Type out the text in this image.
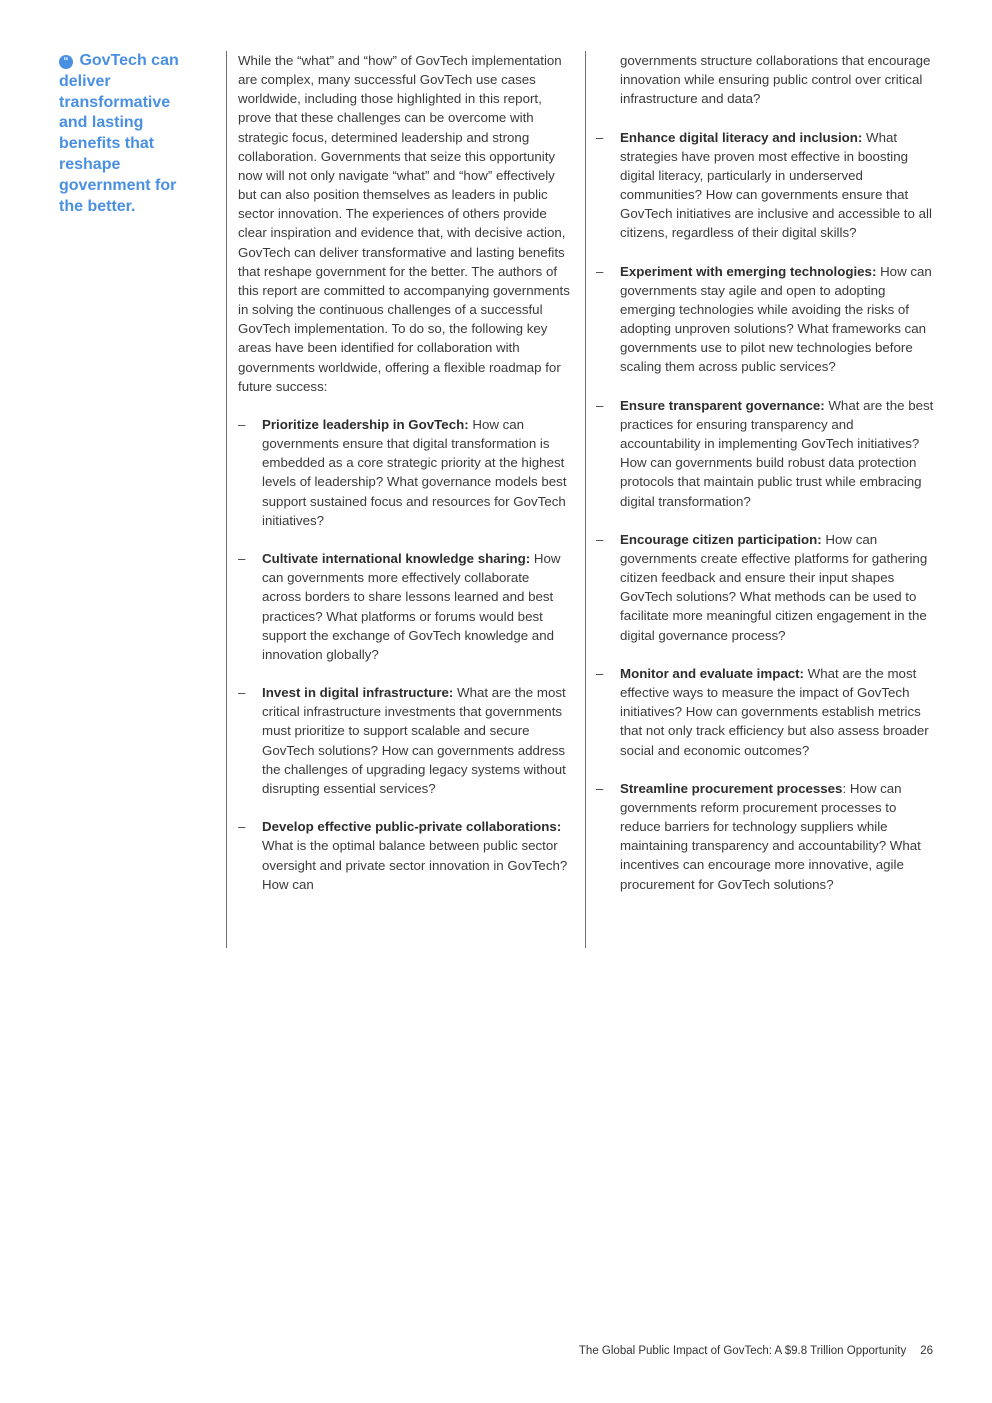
“ GovTech can deliver transformative and lasting benefits that reshape government for the better.

While the “what” and “how” of GovTech implementation are complex, many successful GovTech use cases worldwide, including those highlighted in this report, prove that these challenges can be overcome with strategic focus, determined leadership and strong collaboration. Governments that seize this opportunity now will not only navigate “what” and “how” effectively but can also position themselves as leaders in public sector innovation. The experiences of others provide clear inspiration and evidence that, with decisive action, GovTech can deliver transformative and lasting benefits that reshape government for the better. The authors of this report are committed to accompanying governments in solving the continuous challenges of a successful GovTech implementation. To do so, the following key areas have been identified for collaboration with governments worldwide, offering a flexible roadmap for future success:

– Prioritize leadership in GovTech: How can governments ensure that digital transformation is embedded as a core strategic priority at the highest levels of leadership? What governance models best support sustained focus and resources for GovTech initiatives?
– Cultivate international knowledge sharing: How can governments more effectively collaborate across borders to share lessons learned and best practices? What platforms or forums would best support the exchange of GovTech knowledge and innovation globally?
– Invest in digital infrastructure: What are the most critical infrastructure investments that governments must prioritize to support scalable and secure GovTech solutions? How can governments address the challenges of upgrading legacy systems without disrupting essential services?
– Develop effective public-private collaborations: What is the optimal balance between public sector oversight and private sector innovation in GovTech? How can

governments structure collaborations that encourage innovation while ensuring public control over critical infrastructure and data?

– Enhance digital literacy and inclusion: What strategies have proven most effective in boosting digital literacy, particularly in underserved communities? How can governments ensure that GovTech initiatives are inclusive and accessible to all citizens, regardless of their digital skills?
– Experiment with emerging technologies: How can governments stay agile and open to adopting emerging technologies while avoiding the risks of adopting unproven solutions? What frameworks can governments use to pilot new technologies before scaling them across public services?
– Ensure transparent governance: What are the best practices for ensuring transparency and accountability in implementing GovTech initiatives? How can governments build robust data protection protocols that maintain public trust while embracing digital transformation?
– Encourage citizen participation: How can governments create effective platforms for gathering citizen feedback and ensure their input shapes GovTech solutions? What methods can be used to facilitate more meaningful citizen engagement in the digital governance process?
– Monitor and evaluate impact: What are the most effective ways to measure the impact of GovTech initiatives? How can governments establish metrics that not only track efficiency but also assess broader social and economic outcomes?
– Streamline procurement processes: How can governments reform procurement processes to reduce barriers for technology suppliers while maintaining transparency and accountability? What incentives can encourage more innovative, agile procurement for GovTech solutions?
The Global Public Impact of GovTech: A $9.8 Trillion Opportunity 26
